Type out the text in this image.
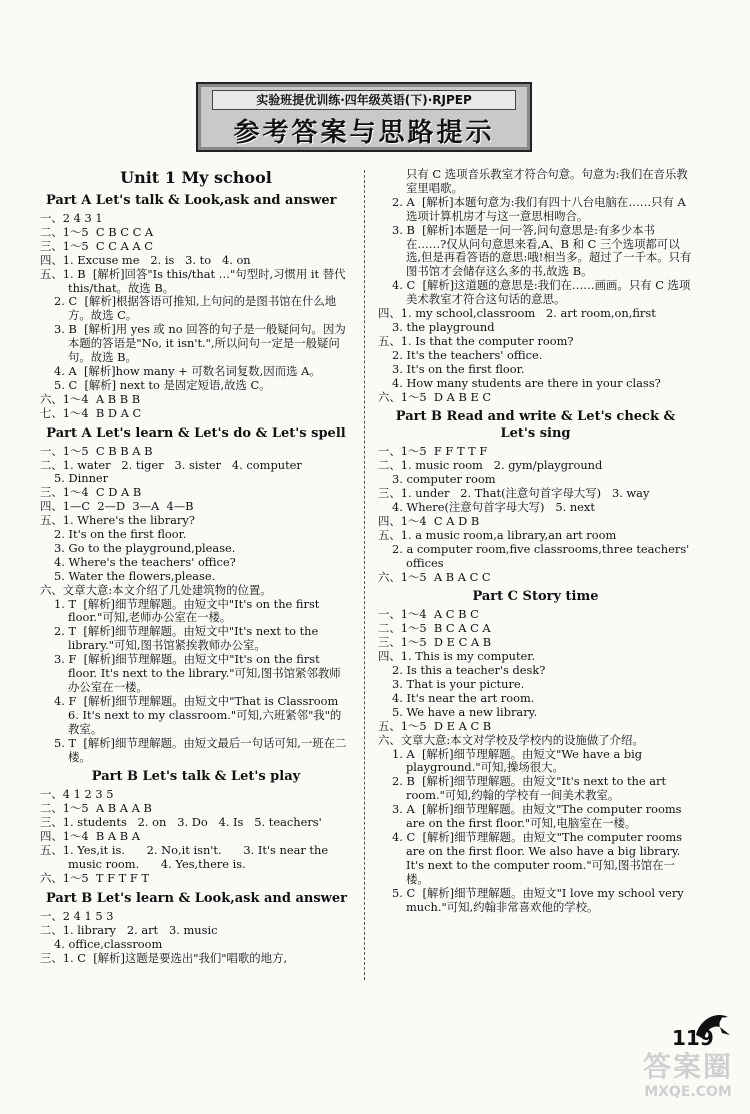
实验班提优训练·四年级英语(下)·RJPEP
参考答案与思路提示
Unit 1 My school
Part A Let's talk & Look,ask and answer
一、2 4 3 1
二、1～5  C B C C A
三、1～5  C C A A C
四、1. Excuse me   2. is   3. to   4. on
五、1. B  [解析]回答"Is this/that …"句型时,习惯用 it 替代 this/that。故选 B。
2. C  [解析]根据答语可推知,上句问的是图书馆在什么地方。故选 C。
3. B  [解析]用 yes 或 no 回答的句子是一般疑问句。因为本题的答语是"No, it isn't.",所以问句一定是一般疑问句。故选 B。
4. A  [解析]how many + 可数名词复数,因而选 A。
5. C  [解析] next to 是固定短语,故选 C。
六、1～4  A B B B
七、1～4  B D A C
Part A Let's learn & Let's do & Let's spell
一、1～5  C B B A B
二、1. water   2. tiger   3. sister   4. computer
5. Dinner
三、1～4  C D A B
四、1—C  2—D  3—A  4—B
五、1. Where's the library?
2. It's on the first floor.
3. Go to the playground,please.
4. Where's the teachers' office?
5. Water the flowers,please.
六、文章大意:本文介绍了几处建筑物的位置。
1. T  [解析]细节理解题。由短文中"It's on the first floor."可知,老师办公室在一楼。
2. T  [解析]细节理解题。由短文中"It's next to the library."可知,图书馆紧挨教师办公室。
3. F  [解析]细节理解题。由短文中"It's on the first floor. It's next to the library."可知,图书馆紧邻教师办公室在一楼。
4. F  [解析]细节理解题。由短文中"That is Classroom 6. It's next to my classroom."可知,六班紧邻"我"的教室。
5. T  [解析]细节理解题。由短文最后一句话可知,一班在二楼。
Part B Let's talk & Let's play
一、4 1 2 3 5
二、1～5  A B A A B
三、1. students   2. on   3. Do   4. Is   5. teachers'
四、1～4  B A B A
五、1. Yes,it is.      2. No,it isn't.      3. It's near the music room.      4. Yes,there is.
六、1～5  T F T F T
Part B Let's learn & Look,ask and answer
一、2 4 1 5 3
二、1. library   2. art   3. music
4. office,classroom
三、1. C  [解析]这题是要选出"我们"唱歌的地方,
只有 C 选项音乐教室才符合句意。句意为:我们在音乐教室里唱歌。
2. A  [解析]本题句意为:我们有四十八台电脑在……只有 A 选项计算机房才与这一意思相吻合。
3. B  [解析]本题是一问一答,问句意思是:有多少本书在……?仅从问句意思来看,A、B 和 C 三个选项都可以选,但是再看答语的意思:哦!相当多。超过了一千本。只有图书馆才会储存这么多的书,故选 B。
4. C  [解析]这道题的意思是:我们在……画画。只有 C 选项美术教室才符合这句话的意思。
四、1. my school,classroom   2. art room,on,first
3. the playground
五、1. Is that the computer room?
2. It's the teachers' office.
3. It's on the first floor.
4. How many students are there in your class?
六、1～5  D A B E C
Part B Read and write & Let's check & Let's sing
一、1～5  F F T T F
二、1. music room   2. gym/playground
3. computer room
三、1. under   2. That(注意句首字母大写)   3. way
4. Where(注意句首字母大写)   5. next
四、1～4  C A D B
五、1. a music room,a library,an art room
2. a computer room,five classrooms,three teachers' offices
六、1～5  A B A C C
Part C Story time
一、1～4  A C B C
二、1～5  B C A C A
三、1～5  D E C A B
四、1. This is my computer.
2. Is this a teacher's desk?
3. That is your picture.
4. It's near the art room.
5. We have a new library.
五、1～5  D E A C B
六、文章大意:本文对学校及学校内的设施做了介绍。
1. A  [解析]细节理解题。由短文"We have a big playground."可知,操场很大。
2. B  [解析]细节理解题。由短文"It's next to the art room."可知,约翰的学校有一间美术教室。
3. A  [解析]细节理解题。由短文"The computer rooms are on the first floor."可知,电脑室在一楼。
4. C  [解析]细节理解题。由短文"The computer rooms are on the first floor. We also have a big library. It's next to the computer room."可知,图书馆在一楼。
5. C  [解析]细节理解题。由短文"I love my school very much."可知,约翰非常喜欢他的学校。
119
答案圈
MXQE.COM
